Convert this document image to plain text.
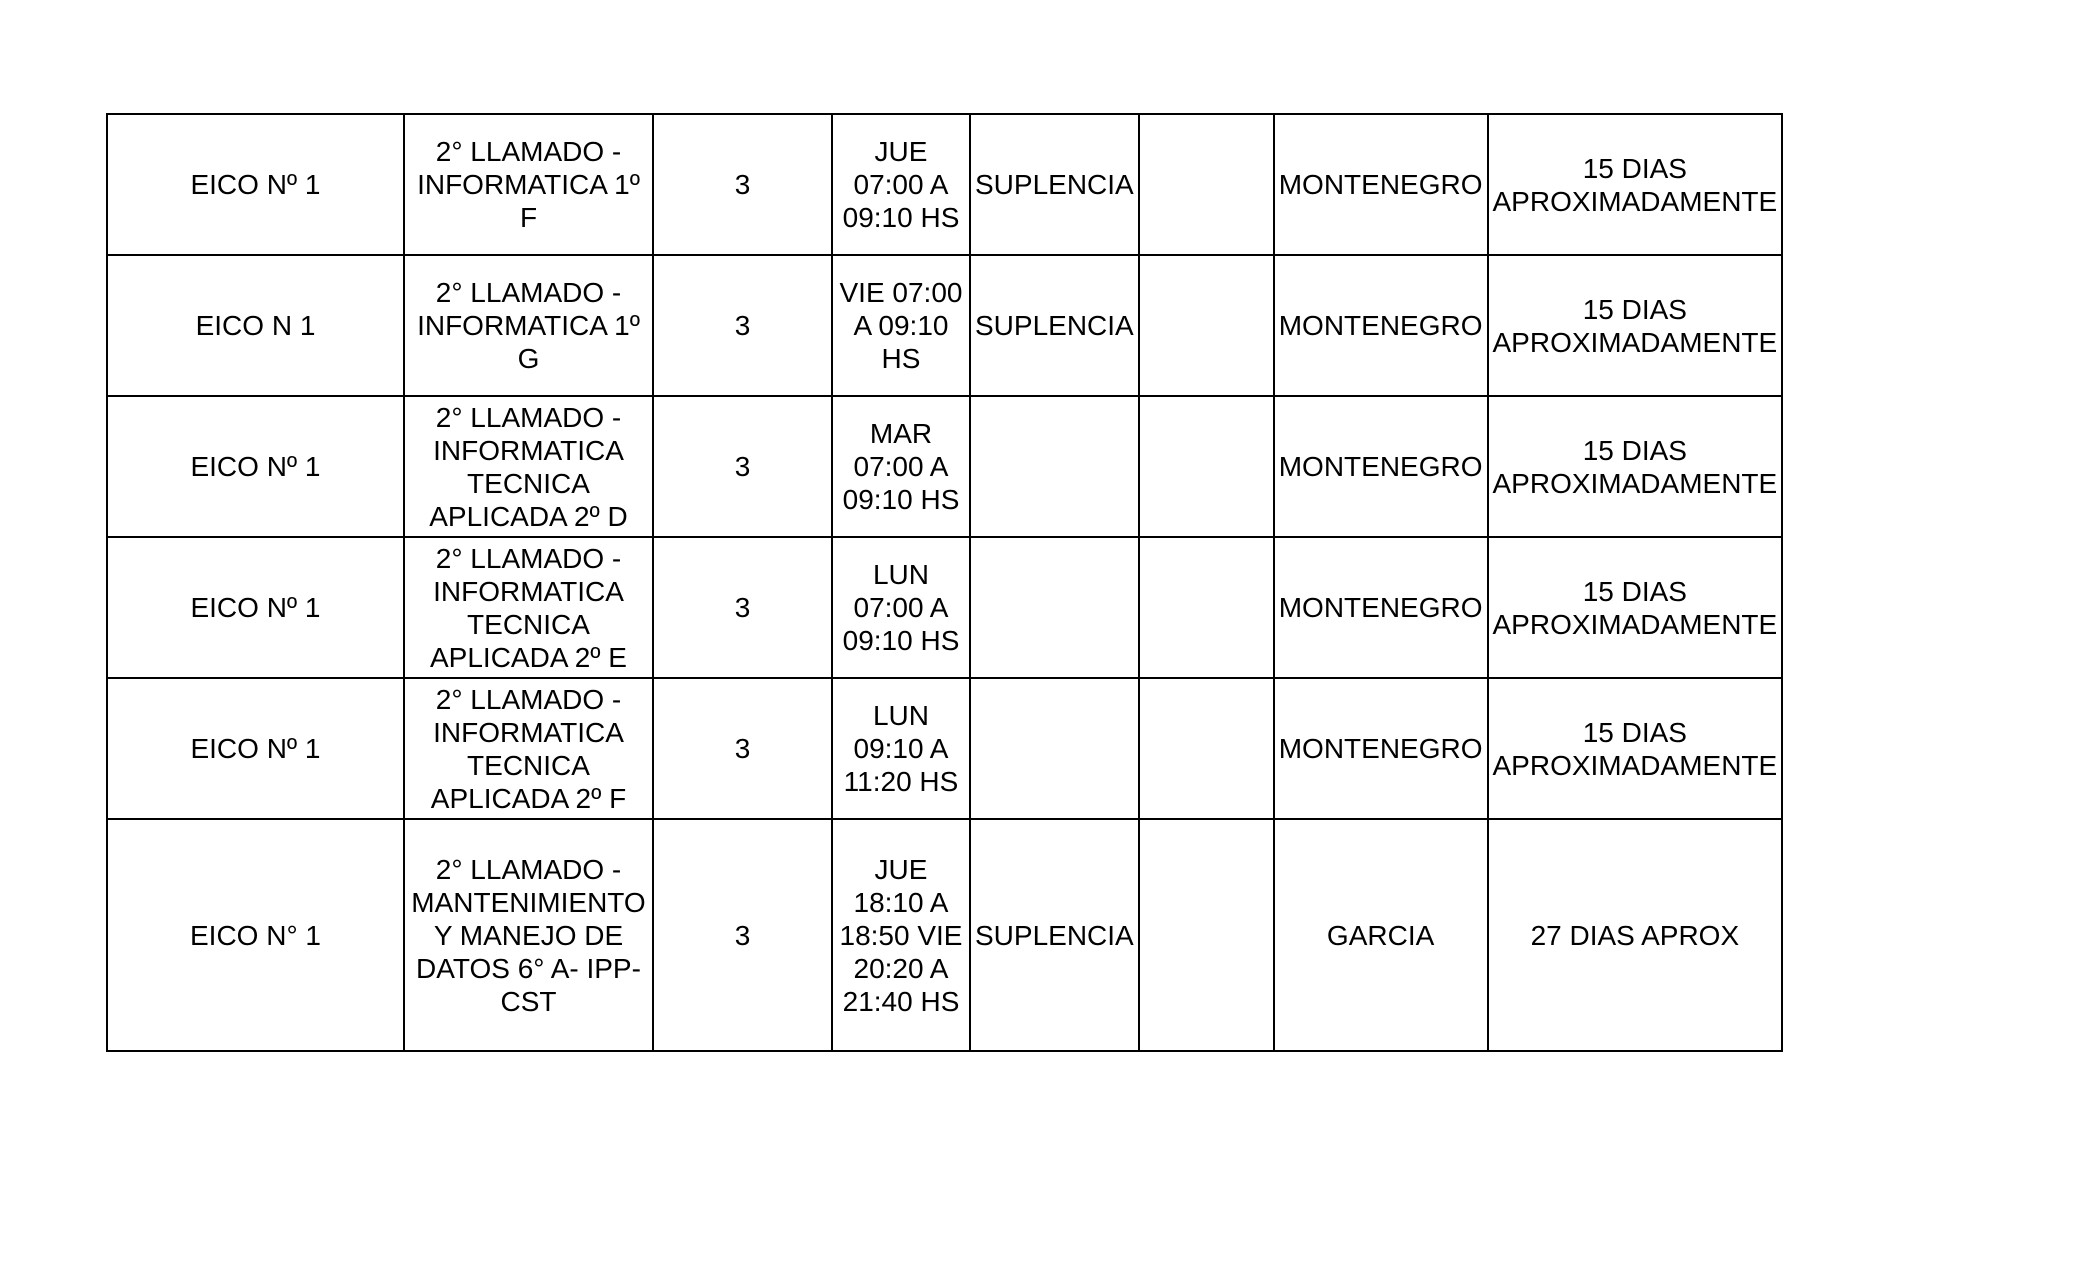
EICO Nº 1	2° LLAMADO - INFORMATICA 1º F	3	JUE 07:00 A 09:10 HS	SUPLENCIA		MONTENEGRO	15 DIAS APROXIMADAMENTE

EICO N 1	2° LLAMADO - INFORMATICA 1º G	3	VIE 07:00 A 09:10 HS	SUPLENCIA		MONTENEGRO	15 DIAS APROXIMADAMENTE

EICO Nº 1	2° LLAMADO - INFORMATICA TECNICA APLICADA 2º D	3	MAR 07:00 A 09:10 HS			MONTENEGRO	15 DIAS APROXIMADAMENTE

EICO Nº 1	2° LLAMADO - INFORMATICA TECNICA APLICADA 2º E	3	LUN 07:00 A 09:10 HS			MONTENEGRO	15 DIAS APROXIMADAMENTE

EICO Nº 1	2° LLAMADO - INFORMATICA TECNICA APLICADA 2º F	3	LUN 09:10 A 11:20 HS			MONTENEGRO	15 DIAS APROXIMADAMENTE

EICO N° 1	2° LLAMADO - MANTENIMIENTO Y MANEJO DE DATOS 6° A- IPP-CST	3	JUE 18:10 A 18:50 VIE 20:20 A 21:40 HS	SUPLENCIA		GARCIA	27 DIAS APROX
